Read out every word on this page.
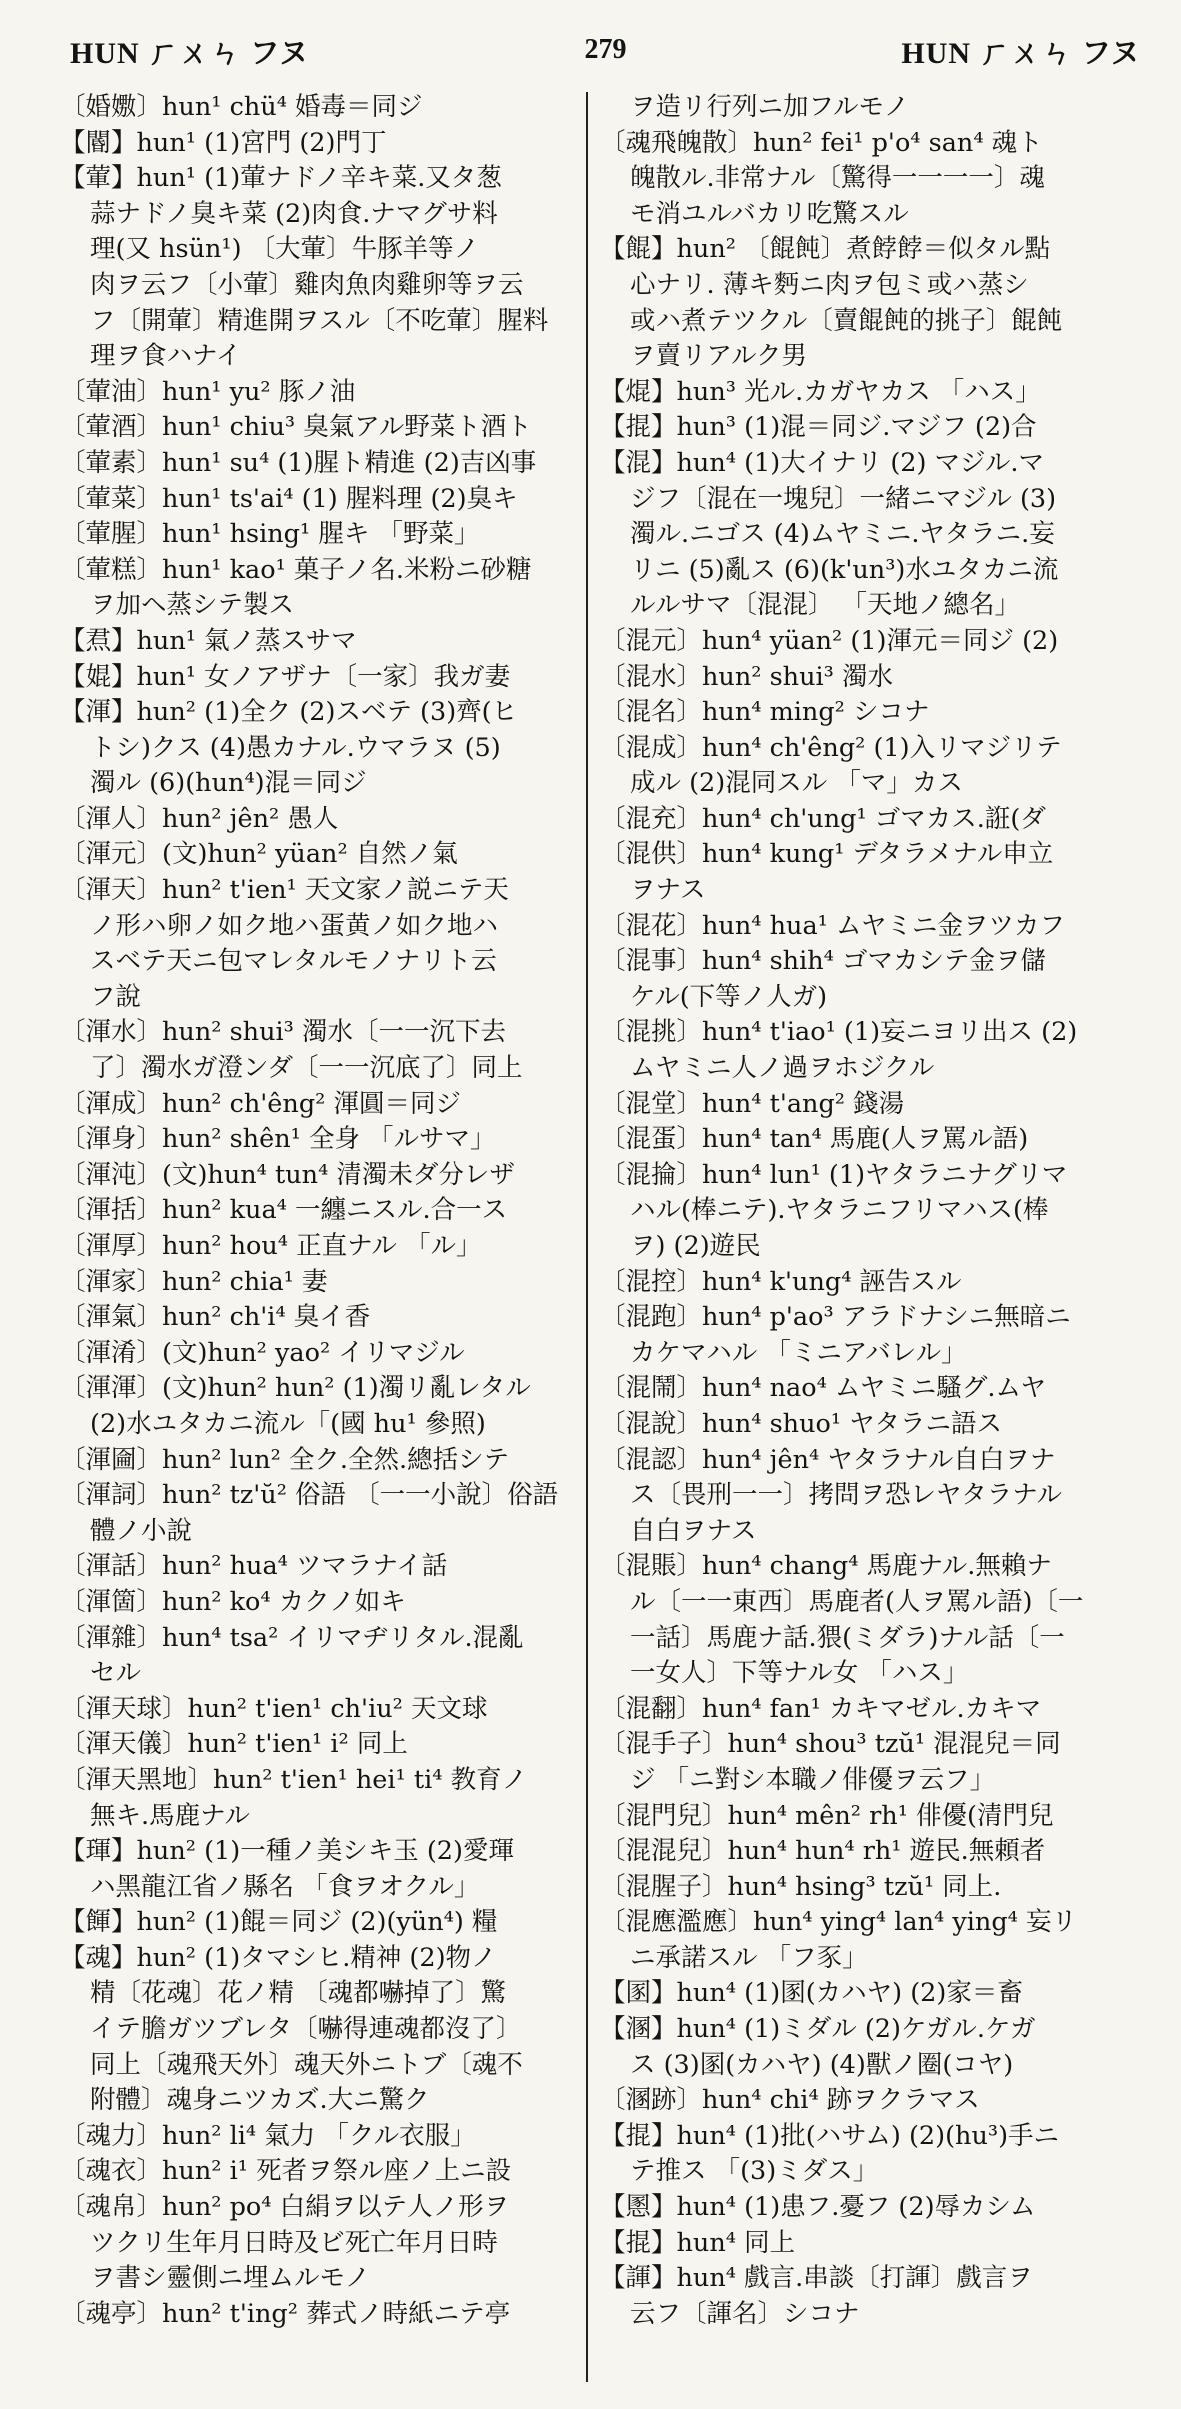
HUN ㄏㄨㄣ フヌ	279	HUN ㄏㄨㄣ フヌ
〔婚嫐〕hun¹ chü⁴ 婚毒＝同ジ
【閽】hun¹ (1)宮門 (2)門丁
【葷】hun¹ (1)葷ナドノ辛キ菜.又タ葱
蒜ナドノ臭キ菜 (2)肉食.ナマグサ料
理(又 hsün¹) 〔大葷〕牛豚羊等ノ
肉ヲ云フ〔小葷〕雞肉魚肉雞卵等ヲ云
フ〔開葷〕精進開ヲスル〔不吃葷〕腥料
理ヲ食ハナイ
〔葷油〕hun¹ yu² 豚ノ油
〔葷酒〕hun¹ chiu³ 臭氣アル野菜ト酒ト
〔葷素〕hun¹ su⁴ (1)腥ト精進 (2)吉凶事
〔葷菜〕hun¹ ts'ai⁴ (1) 腥料理 (2)臭キ
〔葷腥〕hun¹ hsing¹ 腥キ 「野菜」
〔葷糕〕hun¹ kao¹ 菓子ノ名.米粉ニ砂糖
ヲ加ヘ蒸シテ製ス
【焄】hun¹ 氣ノ蒸スサマ
【婫】hun¹ 女ノアザナ〔一家〕我ガ妻
【渾】hun² (1)全ク (2)スベテ (3)齊(ヒ
トシ)クス (4)愚カナル.ウマラヌ (5)
濁ル (6)(hun⁴)混＝同ジ
〔渾人〕hun² jên² 愚人
〔渾元〕(文)hun² yüan² 自然ノ氣
〔渾天〕hun² t'ien¹ 天文家ノ説ニテ天
ノ形ハ卵ノ如ク地ハ蛋黄ノ如ク地ハ
スベテ天ニ包マレタルモノナリト云
フ說
〔渾水〕hun² shui³ 濁水〔一一沉下去
了〕濁水ガ澄ンダ〔一一沉底了〕同上
〔渾成〕hun² ch'êng² 渾圓＝同ジ
〔渾身〕hun² shên¹ 全身 「ルサマ」
〔渾沌〕(文)hun⁴ tun⁴ 清濁未ダ分レザ
〔渾括〕hun² kua⁴ 一纏ニスル.合一ス
〔渾厚〕hun² hou⁴ 正直ナル 「ル」
〔渾家〕hun² chia¹ 妻
〔渾氣〕hun² ch'i⁴ 臭イ香
〔渾淆〕(文)hun² yao² イリマジル
〔渾渾〕(文)hun² hun² (1)濁リ亂レタル
(2)水ユタカニ流ル「(國 hu¹ 參照)
〔渾圇〕hun² lun² 全ク.全然.總括シテ
〔渾詞〕hun² tz'ŭ² 俗語 〔一一小說〕俗語
體ノ小說
〔渾話〕hun² hua⁴ ツマラナイ話
〔渾箇〕hun² ko⁴ カクノ如キ
〔渾雜〕hun⁴ tsa² イリマヂリタル.混亂
セル
〔渾天球〕hun² t'ien¹ ch'iu² 天文球
〔渾天儀〕hun² t'ien¹ i² 同上
〔渾天黑地〕hun² t'ien¹ hei¹ ti⁴ 教育ノ
無キ.馬鹿ナル
【琿】hun² (1)一種ノ美シキ玉 (2)愛琿
ハ黑龍江省ノ縣名 「食ヲオクル」
【餫】hun² (1)餛＝同ジ (2)(yün⁴) 糧
【魂】hun² (1)タマシヒ.精神 (2)物ノ
精〔花魂〕花ノ精 〔魂都嚇掉了〕驚
イテ膽ガツブレタ〔嚇得連魂都沒了〕
同上〔魂飛天外〕魂天外ニトブ〔魂不
附體〕魂身ニツカズ.大ニ驚ク
〔魂力〕hun² li⁴ 氣力 「クル衣服」
〔魂衣〕hun² i¹ 死者ヲ祭ル座ノ上ニ設
〔魂帛〕hun² po⁴ 白絹ヲ以テ人ノ形ヲ
ツクリ生年月日時及ビ死亡年月日時
ヲ書シ靈側ニ埋ムルモノ
〔魂亭〕hun² t'ing² 葬式ノ時紙ニテ亭
ヲ造リ行列ニ加フルモノ
〔魂飛魄散〕hun² fei¹ p'o⁴ san⁴ 魂ト
魄散ル.非常ナル〔驚得一一一一〕魂
モ消ユルバカリ吃驚スル
【餛】hun² 〔餛飩〕煮餑餑＝似タル點
心ナリ. 薄キ麪ニ肉ヲ包ミ或ハ蒸シ
或ハ煮テツクル〔賣餛飩的挑子〕餛飩
ヲ賣リアルク男
【焜】hun³ 光ル.カガヤカス 「ハス」
【掍】hun³ (1)混＝同ジ.マジフ (2)合
【混】hun⁴ (1)大イナリ (2) マジル.マ
ジフ〔混在一塊兒〕一緒ニマジル (3)
濁ル.ニゴス (4)ムヤミニ.ヤタラニ.妄
リニ (5)亂ス (6)(k'un³)水ユタカニ流
ルルサマ〔混混〕 「天地ノ總名」
〔混元〕hun⁴ yüan² (1)渾元＝同ジ (2)
〔混水〕hun² shui³ 濁水
〔混名〕hun⁴ ming² シコナ
〔混成〕hun⁴ ch'êng² (1)入リマジリテ
成ル (2)混同スル 「マ」カス
〔混充〕hun⁴ ch'ung¹ ゴマカス.誑(ダ
〔混供〕hun⁴ kung¹ デタラメナル申立
ヲナス
〔混花〕hun⁴ hua¹ ムヤミニ金ヲツカフ
〔混事〕hun⁴ shih⁴ ゴマカシテ金ヲ儲
ケル(下等ノ人ガ)
〔混挑〕hun⁴ t'iao¹ (1)妄ニヨリ出ス (2)
ムヤミニ人ノ過ヲホジクル
〔混堂〕hun⁴ t'ang² 錢湯
〔混蛋〕hun⁴ tan⁴ 馬鹿(人ヲ罵ル語)
〔混掄〕hun⁴ lun¹ (1)ヤタラニナグリマ
ハル(棒ニテ).ヤタラニフリマハス(棒
ヲ) (2)遊民
〔混控〕hun⁴ k'ung⁴ 誣告スル
〔混跑〕hun⁴ p'ao³ アラドナシニ無暗ニ
カケマハル 「ミニアバレル」
〔混鬧〕hun⁴ nao⁴ ムヤミニ騷グ.ムヤ
〔混說〕hun⁴ shuo¹ ヤタラニ語ス
〔混認〕hun⁴ jên⁴ ヤタラナル自白ヲナ
ス〔畏刑一一〕拷問ヲ恐レヤタラナル
自白ヲナス
〔混賬〕hun⁴ chang⁴ 馬鹿ナル.無賴ナ
ル〔一一東西〕馬鹿者(人ヲ罵ル語)〔一
一話〕馬鹿ナ話.猥(ミダラ)ナル話〔一
一女人〕下等ナル女 「ハス」
〔混翻〕hun⁴ fan¹ カキマゼル.カキマ
〔混手子〕hun⁴ shou³ tzŭ¹ 混混兒＝同
ジ 「ニ對シ本職ノ俳優ヲ云フ」
〔混門兒〕hun⁴ mên² rh¹ 俳優(清門兒
〔混混兒〕hun⁴ hun⁴ rh¹ 遊民.無頼者
〔混腥子〕hun⁴ hsing³ tzŭ¹ 同上.
〔混應濫應〕hun⁴ ying⁴ lan⁴ ying⁴ 妄リ
ニ承諾スル 「フ豕」
【圂】hun⁴ (1)圂(カハヤ) (2)家＝畜
【溷】hun⁴ (1)ミダル (2)ケガル.ケガ
ス (3)圂(カハヤ) (4)獸ノ圈(コヤ)
〔溷跡〕hun⁴ chi⁴ 跡ヲクラマス
【掍】hun⁴ (1)批(ハサム) (2)(hu³)手ニ
テ推ス 「(3)ミダス」
【慁】hun⁴ (1)患フ.憂フ (2)辱カシム
【掍】hun⁴ 同上
【諢】hun⁴ 戲言.串談〔打諢〕戲言ヲ
云フ〔諢名〕シコナ
